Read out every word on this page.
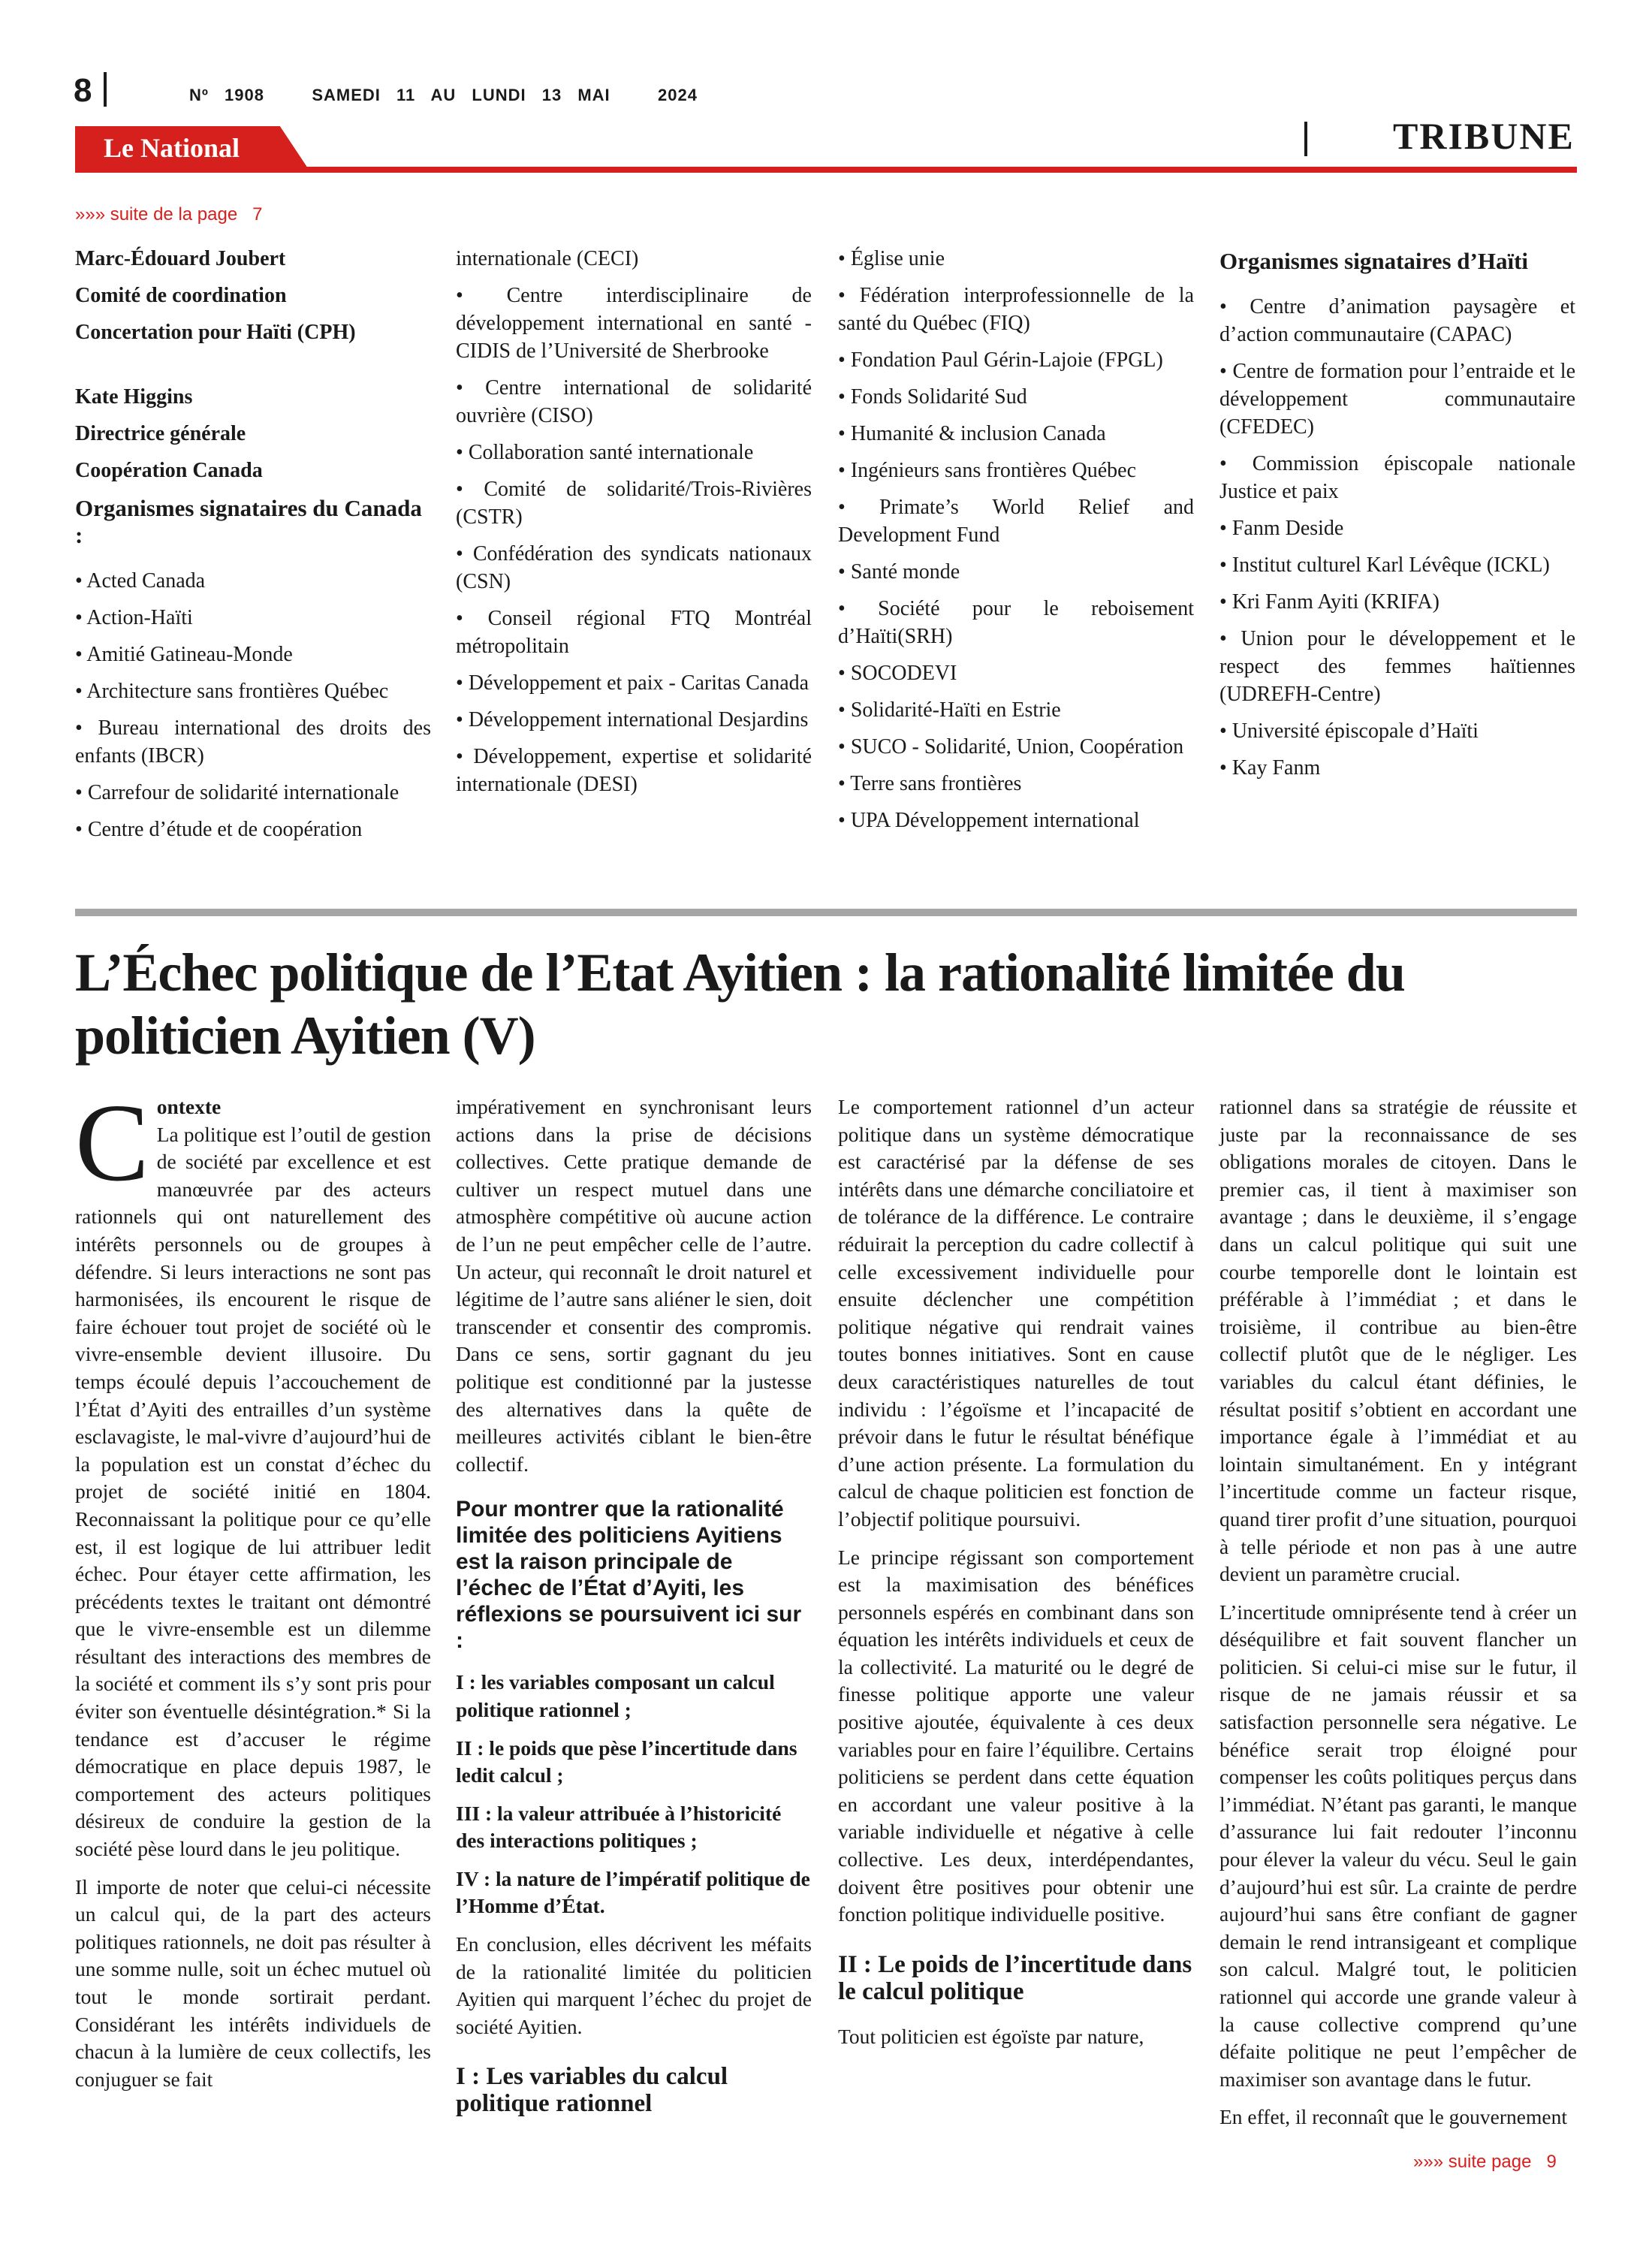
8	Nº 1908   SAMEDI 11 AU LUNDI 13 MAI   2024
Le National	TRIBUNE
»»» suite de la page   7

Marc-Édouard Joubert

Comité de coordination

Concertation pour Haïti (CPH)

Kate Higgins

Directrice générale

Coopération Canada

Organismes signataires du Canada :
• Acted Canada
• Action-Haïti
• Amitié Gatineau-Monde
• Architecture sans frontières Québec
• Bureau international des droits des enfants (IBCR)
• Carrefour de solidarité internationale
• Centre d’étude et de coopération
internationale (CECI)
• Centre interdisciplinaire de développement international en santé - CIDIS de l’Université de Sherbrooke
• Centre international de solidarité ouvrière (CISO)
• Collaboration santé internationale
• Comité de solidarité/Trois-Rivières (CSTR)
• Confédération des syndicats nationaux (CSN)
• Conseil régional FTQ Montréal métropolitain
• Développement et paix - Caritas Canada
• Développement international Desjardins
• Développement, expertise et solidarité internationale (DESI)
• Église unie
• Fédération interprofessionnelle de la santé du Québec (FIQ)
• Fondation Paul Gérin-Lajoie (FPGL)
• Fonds Solidarité Sud
• Humanité & inclusion Canada
• Ingénieurs sans frontières Québec
• Primate’s World Relief and Development Fund
• Santé monde
• Société pour le reboisement d’Haïti(SRH)
• SOCODEVI
• Solidarité-Haïti en Estrie
• SUCO - Solidarité, Union, Coopération
• Terre sans frontières
• UPA Développement international
Organismes signataires d’Haïti
• Centre d’animation paysagère et d’action communautaire (CAPAC)
• Centre de formation pour l’entraide et le développement communautaire (CFEDEC)
• Commission épiscopale nationale Justice et paix
• Fanm Deside
• Institut culturel Karl Lévêque (ICKL)
• Kri Fanm Ayiti (KRIFA)
• Union pour le développement et le respect des femmes haïtiennes (UDREFH-Centre)
• Université épiscopale d’Haïti
• Kay Fanm
L’Échec politique de l’Etat Ayitien : la rationalité limitée du politicien Ayitien (V)
C ontexte

La politique est l’outil de gestion de société par excellence et est manœuvrée par des acteurs rationnels qui ont naturellement des intérêts personnels ou de groupes à défendre. Si leurs interactions ne sont pas harmonisées, ils encourent le risque de faire échouer tout projet de société où le vivre-ensemble devient illusoire. Du temps écoulé depuis l’accouchement de l’État d’Ayiti des entrailles d’un système esclavagiste, le mal-vivre d’aujourd’hui de la population est un constat d’échec du projet de société initié en 1804. Reconnaissant la politique pour ce qu’elle est, il est logique de lui attribuer ledit échec. Pour étayer cette affirmation, les précédents textes le traitant ont démontré que le vivre-ensemble est un dilemme résultant des interactions des membres de la société et comment ils s’y sont pris pour éviter son éventuelle désintégration.* Si la tendance est d’accuser le régime démocratique en place depuis 1987, le comportement des acteurs politiques désireux de conduire la gestion de la société pèse lourd dans le jeu politique.

Il importe de noter que celui-ci nécessite un calcul qui, de la part des acteurs politiques rationnels, ne doit pas résulter à une somme nulle, soit un échec mutuel où tout le monde sortirait perdant. Considérant les intérêts individuels de chacun à la lumière de ceux collectifs, les conjuguer se fait

impérativement en synchronisant leurs actions dans la prise de décisions collectives. Cette pratique demande de cultiver un respect mutuel dans une atmosphère compétitive où aucune action de l’un ne peut empêcher celle de l’autre. Un acteur, qui reconnaît le droit naturel et légitime de l’autre sans aliéner le sien, doit transcender et consentir des compromis. Dans ce sens, sortir gagnant du jeu politique est conditionné par la justesse des alternatives dans la quête de meilleures activités ciblant le bien-être collectif.

Pour montrer que la rationalité limitée des politiciens Ayitiens est la raison principale de l’échec de l’État d’Ayiti, les réflexions se poursuivent ici sur :

I : les variables composant un calcul politique rationnel ;

II : le poids que pèse l’incertitude dans ledit calcul ;

III : la valeur attribuée à l’historicité des interactions politiques ;

IV : la nature de l’impératif politique de l’Homme d’État.

En conclusion, elles décrivent les méfaits de la rationalité limitée du politicien Ayitien qui marquent l’échec du projet de société Ayitien.

I : Les variables du calcul politique rationnel

Le comportement rationnel d’un acteur politique dans un système démocratique est caractérisé par la défense de ses intérêts dans une démarche conciliatoire et de tolérance de la différence. Le contraire réduirait la perception du cadre collectif à celle excessivement individuelle pour ensuite déclencher une compétition politique négative qui rendrait vaines toutes bonnes initiatives. Sont en cause deux caractéristiques naturelles de tout individu : l’égoïsme et l’incapacité de prévoir dans le futur le résultat bénéfique d’une action présente. La formulation du calcul de chaque politicien est fonction de l’objectif politique poursuivi.

Le principe régissant son comportement est la maximisation des bénéfices personnels espérés en combinant dans son équation les intérêts individuels et ceux de la collectivité. La maturité ou le degré de finesse politique apporte une valeur positive ajoutée, équivalente à ces deux variables pour en faire l’équilibre. Certains politiciens se perdent dans cette équation en accordant une valeur positive à la variable individuelle et négative à celle collective. Les deux, interdépendantes, doivent être positives pour obtenir une fonction politique individuelle positive.

II : Le poids de l’incertitude dans le calcul politique

Tout politicien est égoïste par nature,

rationnel dans sa stratégie de réussite et juste par la reconnaissance de ses obligations morales de citoyen. Dans le premier cas, il tient à maximiser son avantage ; dans le deuxième, il s’engage dans un calcul politique qui suit une courbe temporelle dont le lointain est préférable à l’immédiat ; et dans le troisième, il contribue au bien-être collectif plutôt que de le négliger. Les variables du calcul étant définies, le résultat positif s’obtient en accordant une importance égale à l’immédiat et au lointain simultanément. En y intégrant l’incertitude comme un facteur risque, quand tirer profit d’une situation, pourquoi à telle période et non pas à une autre devient un paramètre crucial.

L’incertitude omniprésente tend à créer un déséquilibre et fait souvent flancher un politicien. Si celui-ci mise sur le futur, il risque de ne jamais réussir et sa satisfaction personnelle sera négative. Le bénéfice serait trop éloigné pour compenser les coûts politiques perçus dans l’immédiat. N’étant pas garanti, le manque d’assurance lui fait redouter l’inconnu pour élever la valeur du vécu. Seul le gain d’aujourd’hui est sûr. La crainte de perdre aujourd’hui sans être confiant de gagner demain le rend intransigeant et complique son calcul. Malgré tout, le politicien rationnel qui accorde une grande valeur à la cause collective comprend qu’une défaite politique ne peut l’empêcher de maximiser son avantage dans le futur.

En effet, il reconnaît que le gouvernement

»»» suite page   9
